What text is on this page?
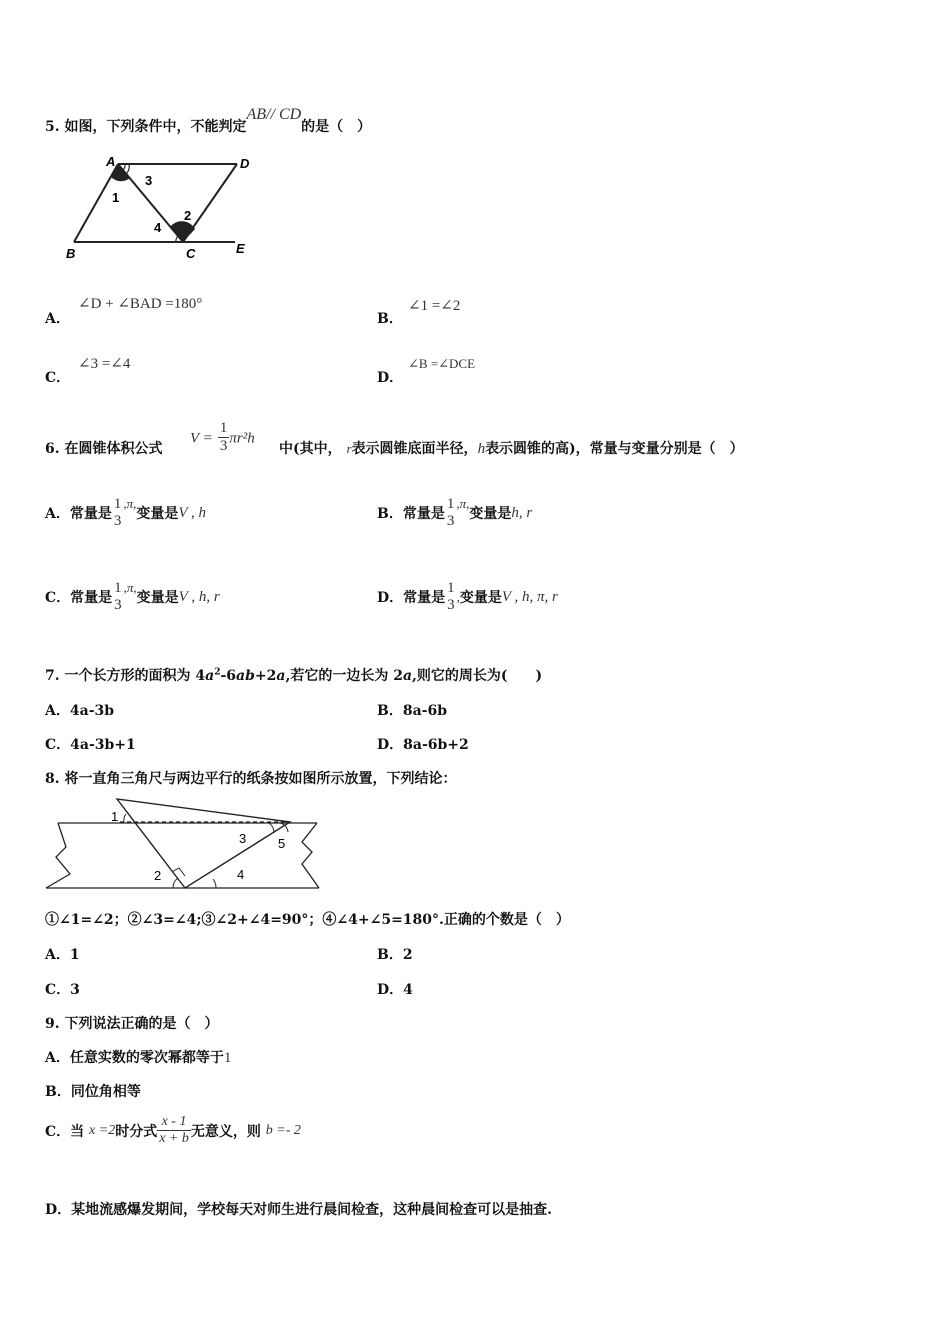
5. 如图，下列条件中，不能判定AB// CD的是（　）
A	D
B	C	E
1
2
3
4
A．
∠D + ∠BAD =180°
B．
∠1 =∠2
C．
∠3 =∠4
D．
∠B =∠DCE
6. 在圆锥体积公式
$V = \frac{1}{3} \pi r^2h$
中(其中， r表示圆锥底面半径，h表示圆锥的高)，常量与变量分别是（　）
A．常量是
1
3
,π,变量是V , h	B．常量是
1
3
,π,变量是h, r
C．常量是
1
3
,π,变量是V , h, r	D．常量是
1
3
,变量是V , h, π, r
7. 一个长方形的面积为 $4a^2-6ab+2a$,若它的一边长为 2a,则它的周长为(　　)
A．4a-3b	B．8a-6b
C．4a-3b+1	D．8a-6b+2
8. 将一直角三角尺与两边平行的纸条按如图所示放置，下列结论：
1
2
3
4
5
①∠1=∠2；②∠3=∠4;③∠2+∠4=90°；④∠4+∠5=180°.正确的个数是（　）
A．1	B．2
C．3	D．4
9. 下列说法正确的是（　）
A．任意实数的零次幂都等于1
B．同位角相等
C．当 x =2时分式 $\frac{x - 1}{x + b}$ 无意义，则 b =- 2
D．某地流感爆发期间，学校每天对师生进行晨间检查，这种晨间检查可以是抽查.
